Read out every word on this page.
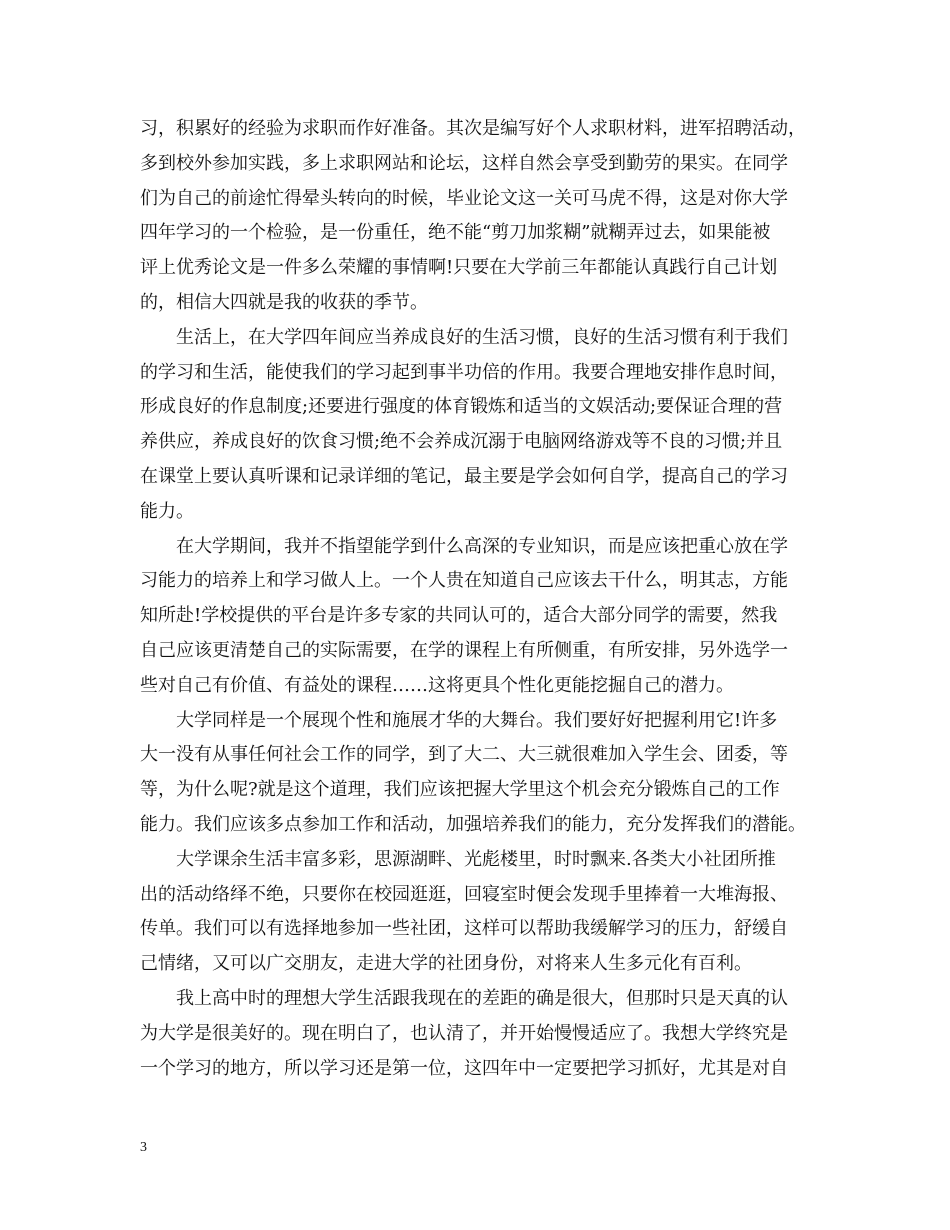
习，积累好的经验为求职而作好准备。其次是编写好个人求职材料，进军招聘活动，
多到校外参加实践，多上求职网站和论坛，这样自然会享受到勤劳的果实。在同学
们为自己的前途忙得晕头转向的时候，毕业论文这一关可马虎不得，这是对你大学
四年学习的一个检验，是一份重任，绝不能“剪刀加浆糊”就糊弄过去，如果能被
评上优秀论文是一件多么荣耀的事情啊!只要在大学前三年都能认真践行自己计划
的，相信大四就是我的收获的季节。
生活上，在大学四年间应当养成良好的生活习惯，良好的生活习惯有利于我们
的学习和生活，能使我们的学习起到事半功倍的作用。我要合理地安排作息时间，
形成良好的作息制度;还要进行强度的体育锻炼和适当的文娱活动;要保证合理的营
养供应，养成良好的饮食习惯;绝不会养成沉溺于电脑网络游戏等不良的习惯;并且
在课堂上要认真听课和记录详细的笔记，最主要是学会如何自学，提高自己的学习
能力。
在大学期间，我并不指望能学到什么高深的专业知识，而是应该把重心放在学
习能力的培养上和学习做人上。一个人贵在知道自己应该去干什么，明其志，方能
知所赴!学校提供的平台是许多专家的共同认可的，适合大部分同学的需要，然我
自己应该更清楚自己的实际需要，在学的课程上有所侧重，有所安排，另外选学一
些对自己有价值、有益处的课程……这将更具个性化更能挖掘自己的潜力。
大学同样是一个展现个性和施展才华的大舞台。我们要好好把握利用它!许多
大一没有从事任何社会工作的同学，到了大二、大三就很难加入学生会、团委，等
等，为什么呢?就是这个道理，我们应该把握大学里这个机会充分锻炼自己的工作
能力。我们应该多点参加工作和活动，加强培养我们的能力，充分发挥我们的潜能。
大学课余生活丰富多彩，思源湖畔、光彪楼里，时时飘来.各类大小社团所推
出的活动络绎不绝，只要你在校园逛逛，回寝室时便会发现手里捧着一大堆海报、
传单。我们可以有选择地参加一些社团，这样可以帮助我缓解学习的压力，舒缓自
己情绪，又可以广交朋友，走进大学的社团身份，对将来人生多元化有百利。
我上高中时的理想大学生活跟我现在的差距的确是很大，但那时只是天真的认
为大学是很美好的。现在明白了，也认清了，并开始慢慢适应了。我想大学终究是
一个学习的地方，所以学习还是第一位，这四年中一定要把学习抓好，尤其是对自
3
